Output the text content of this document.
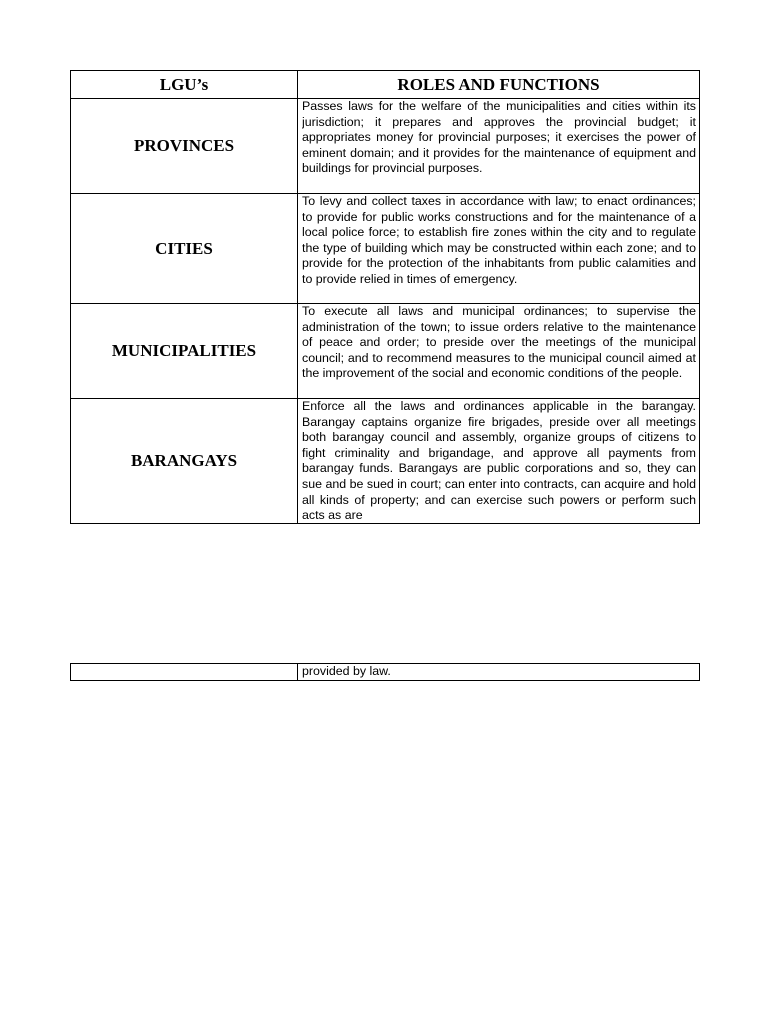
LGU’s	ROLES AND FUNCTIONS
PROVINCES	Passes laws for the welfare of the municipalities and cities within its jurisdiction; it prepares and approves the provincial budget; it appropriates money for provincial purposes; it exercises the power of eminent domain; and it provides for the maintenance of equipment and buildings for provincial purposes.

CITIES	To levy and collect taxes in accordance with law; to enact ordinances; to provide for public works constructions and for the maintenance of a local police force; to establish fire zones within the city and to regulate the type of building which may be constructed within each zone; and to provide for the protection of the inhabitants from public calamities and to provide relied in times of emergency.

MUNICIPALITIES	To execute all laws and municipal ordinances; to supervise the administration of the town; to issue orders relative to the maintenance of peace and order; to preside over the meetings of the municipal council; and to recommend measures to the municipal council aimed at the improvement of the social and economic conditions of the people.

BARANGAYS	Enforce all the laws and ordinances applicable in the barangay. Barangay captains organize fire brigades, preside over all meetings both barangay council and assembly, organize groups of citizens to fight criminality and brigandage, and approve all payments from barangay funds. Barangays are public corporations and so, they can sue and be sued in court; can enter into contracts, can acquire and hold all kinds of property; and can exercise such powers or perform such acts as are
	provided by law.
